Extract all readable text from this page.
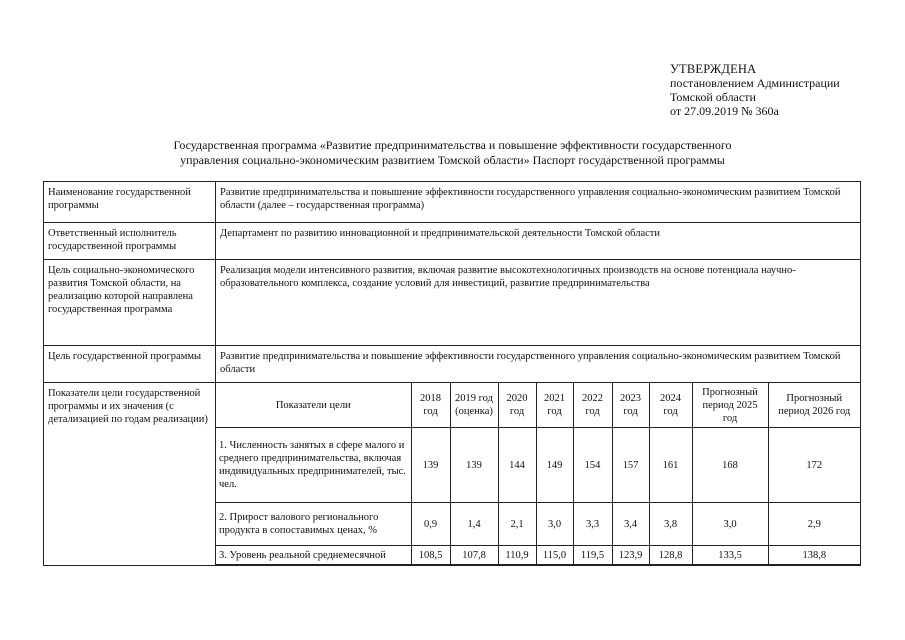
УТВЕРЖДЕНА
постановлением Администрации
Томской области
от 27.09.2019 № 360а
Государственная программа «Развитие предпринимательства и повышение эффективности государственного
управления социально-экономическим развитием Томской области» Паспорт государственной программы
Наименование государственной программы	Развитие предпринимательства и повышение эффективности государственного управления социально-экономическим развитием Томской области (далее – государственная программа)
Ответственный исполнитель государственной программы	Департамент по развитию инновационной и предпринимательской деятельности Томской области
Цель социально-экономического развития Томской области, на реализацию которой направлена государственная программа	Реализация модели интенсивного развития, включая развитие высокотехнологичных производств на основе потенциала научно-образовательного комплекса, создание условий для инвестиций, развитие предпринимательства
Цель государственной программы	Развитие предпринимательства и повышение эффективности государственного управления социально-экономическим развитием Томской области
Показатели цели государственной программы и их значения (с детализацией по годам реализации)	
Показатели цели	2018 год	2019 год (оценка)	2020 год	2021 год	2022 год	2023 год	2024 год	Прогнозный период 2025 год	Прогнозный период 2026 год
1. Численность занятых в сфере малого и среднего предпринимательства, включая индивидуальных предпринимателей, тыс. чел.	139	139	144	149	154	157	161	168	172
2. Прирост валового регионального продукта в сопоставимых ценах, %	0,9	1,4	2,1	3,0	3,3	3,4	3,8	3,0	2,9
3. Уровень реальной среднемесячной	108,5	107,8	110,9	115,0	119,5	123,9	128,8	133,5	138,8
